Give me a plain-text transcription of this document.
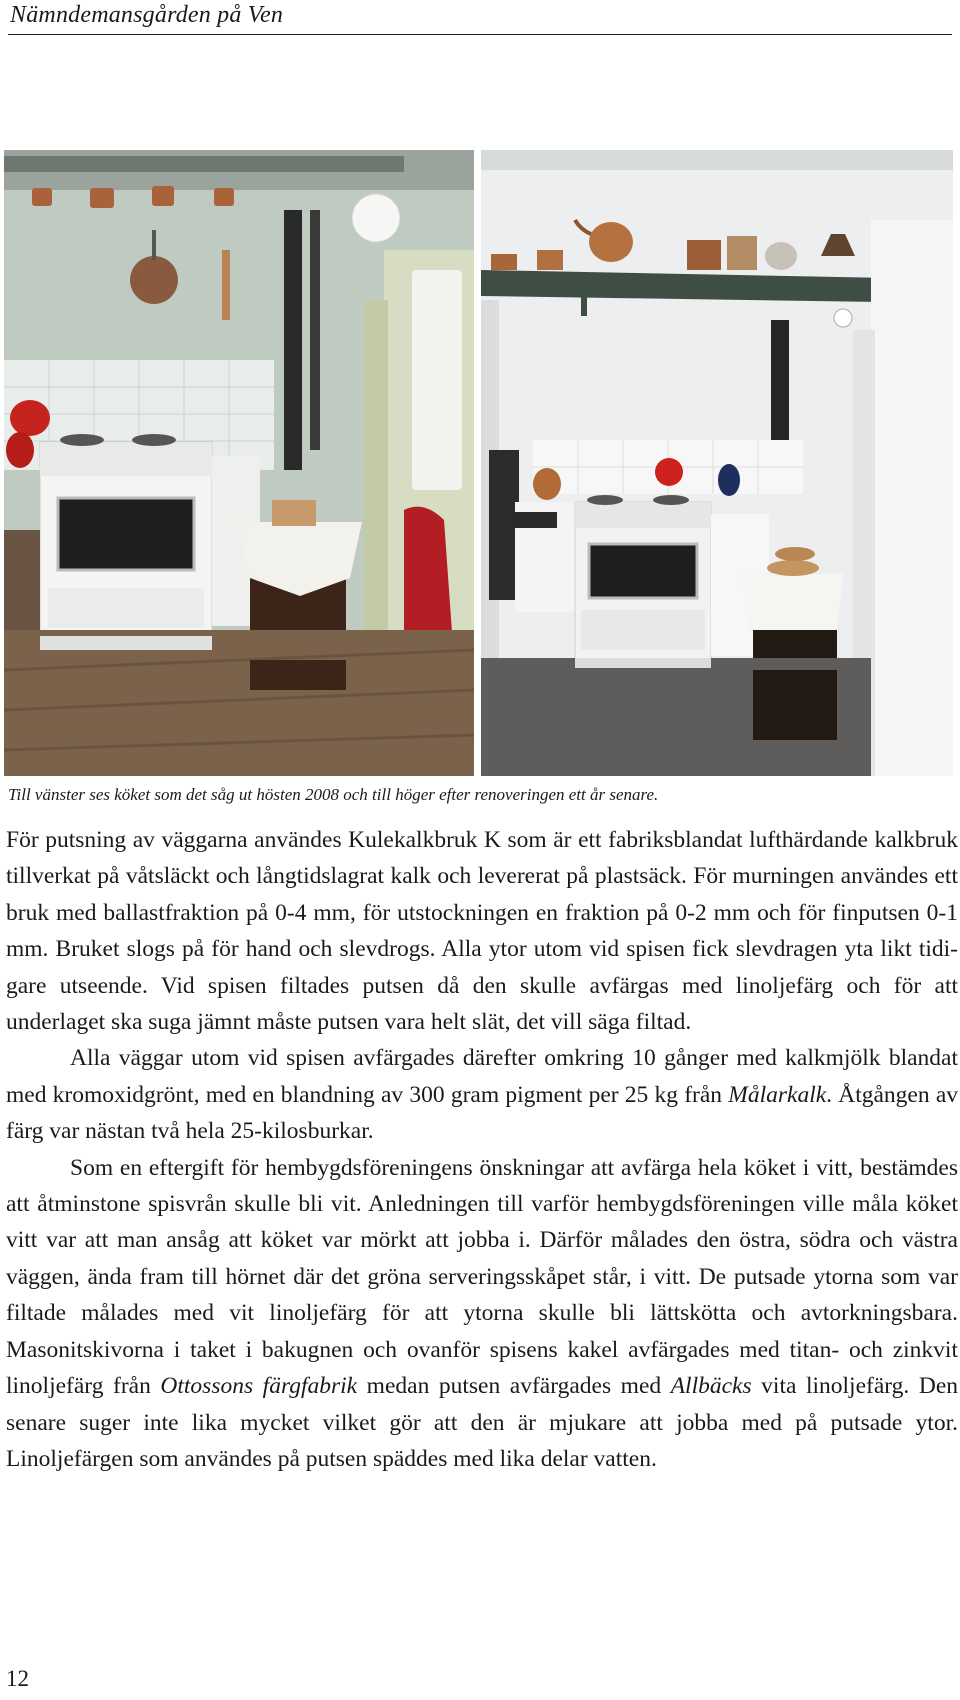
Nämndemansgården på Ven
Till vänster ses köket som det såg ut hösten 2008 och till höger efter renoveringen ett år senare.

För putsning av väggarna användes Kulekalkbruk K som är ett fabriksblandat lufthärdande kalkbruk tillverkat på våtsläckt och långtidslagrat kalk och levererat på plastsäck. För murningen användes ett bruk med ballastfraktion på 0-4 mm, för utstockningen en fraktion på 0-2 mm och för finputsen 0-1 mm. Bruket slogs på för hand och slevdrogs. Alla ytor utom vid spisen fick slevdragen yta likt tidigare utseende. Vid spisen filtades putsen då den skulle avfärgas med linoljefärg och för att underlaget ska suga jämnt måste putsen vara helt slät, det vill säga filtad.

Alla väggar utom vid spisen avfärgades därefter omkring 10 gånger med kalkmjölk blandat med kromoxidgrönt, med en blandning av 300 gram pigment per 25 kg från Målarkalk. Åtgången av färg var nästan två hela 25-kilosburkar.

Som en eftergift för hembygdsföreningens önskningar att avfärga hela köket i vitt, bestämdes att åtminstone spisvrån skulle bli vit. Anledningen till varför hembygdsföreningen ville måla köket vitt var att man ansåg att köket var mörkt att jobba i. Därför målades den östra, södra och västra väggen, ända fram till hörnet där det gröna serveringsskåpet står, i vitt. De putsade ytorna som var filtade målades med vit linoljefärg för att ytorna skulle bli lättskötta och avtorkningsbara. Masonitskivorna i taket i bakugnen och ovanför spisens kakel avfärgades med titan- och zinkvit linoljefärg från Ottossons färgfabrik medan putsen avfärgades med Allbäcks vita linoljefärg. Den senare suger inte lika mycket vilket gör att den är mjukare att jobba med på putsade ytor. Linoljefärgen som användes på putsen späddes med lika delar vatten.

12
